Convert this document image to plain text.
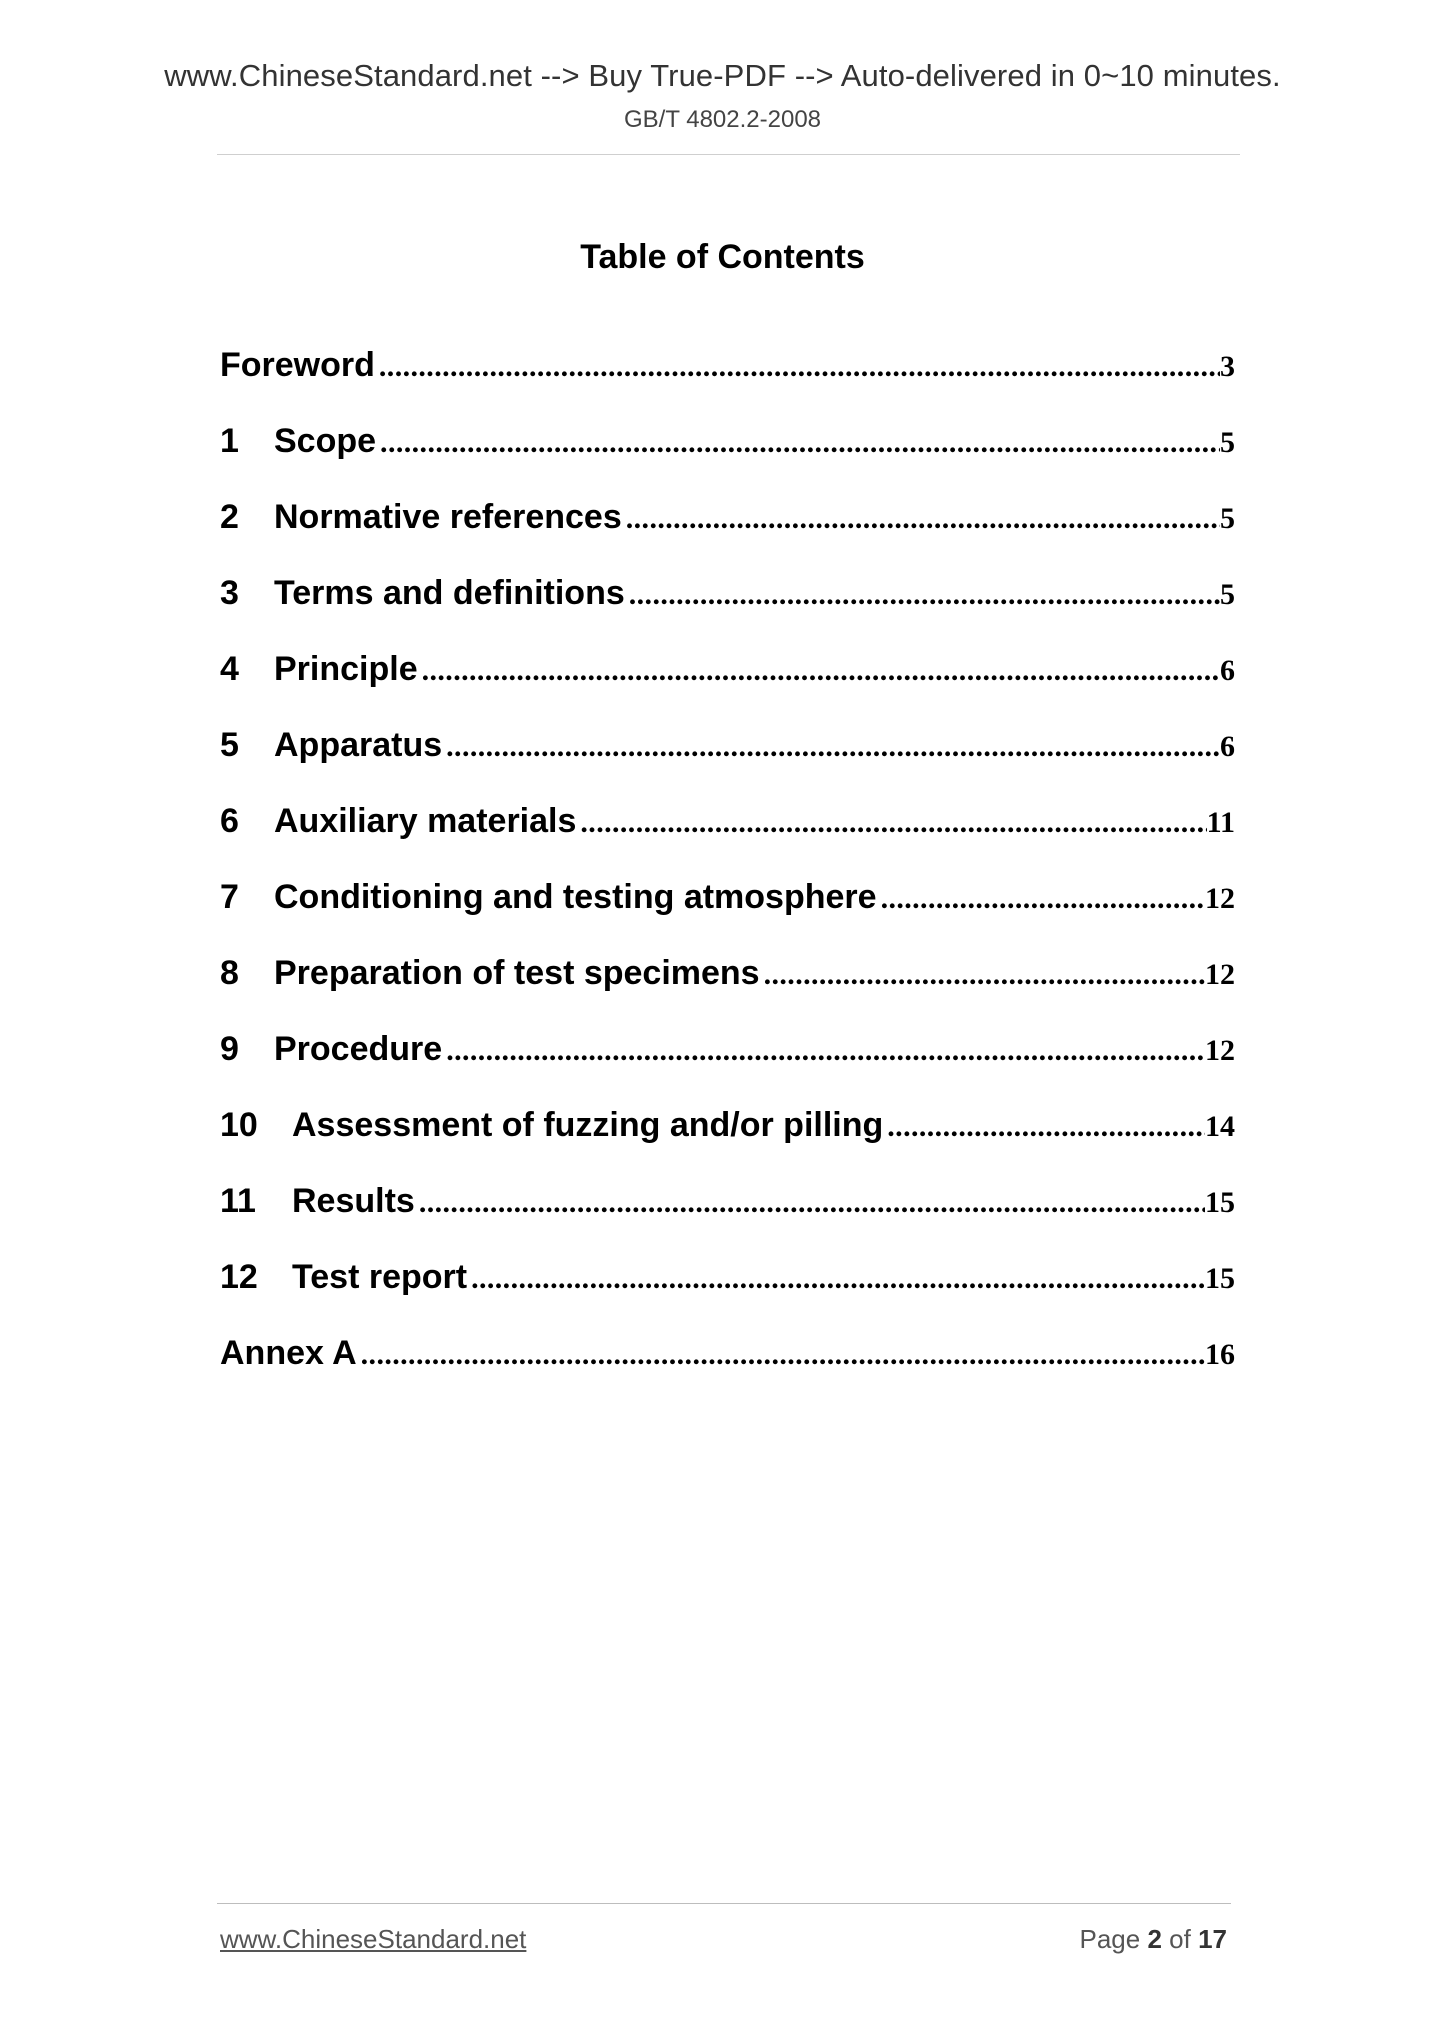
www.ChineseStandard.net --> Buy True-PDF --> Auto-delivered in 0~10 minutes.
GB/T 4802.2-2008
Table of Contents
Foreword .....	3
1	Scope .....	5
2	Normative references .....	5
3	Terms and definitions .....	5
4	Principle .....	6
5	Apparatus .....	6
6	Auxiliary materials .....	11
7	Conditioning and testing atmosphere .....	12
8	Preparation of test specimens .....	12
9	Procedure .....	12
10	Assessment of fuzzing and/or pilling .....	14
11	Results .....	15
12	Test report .....	15
Annex A .....	16
www.ChineseStandard.net	Page 2 of 17
